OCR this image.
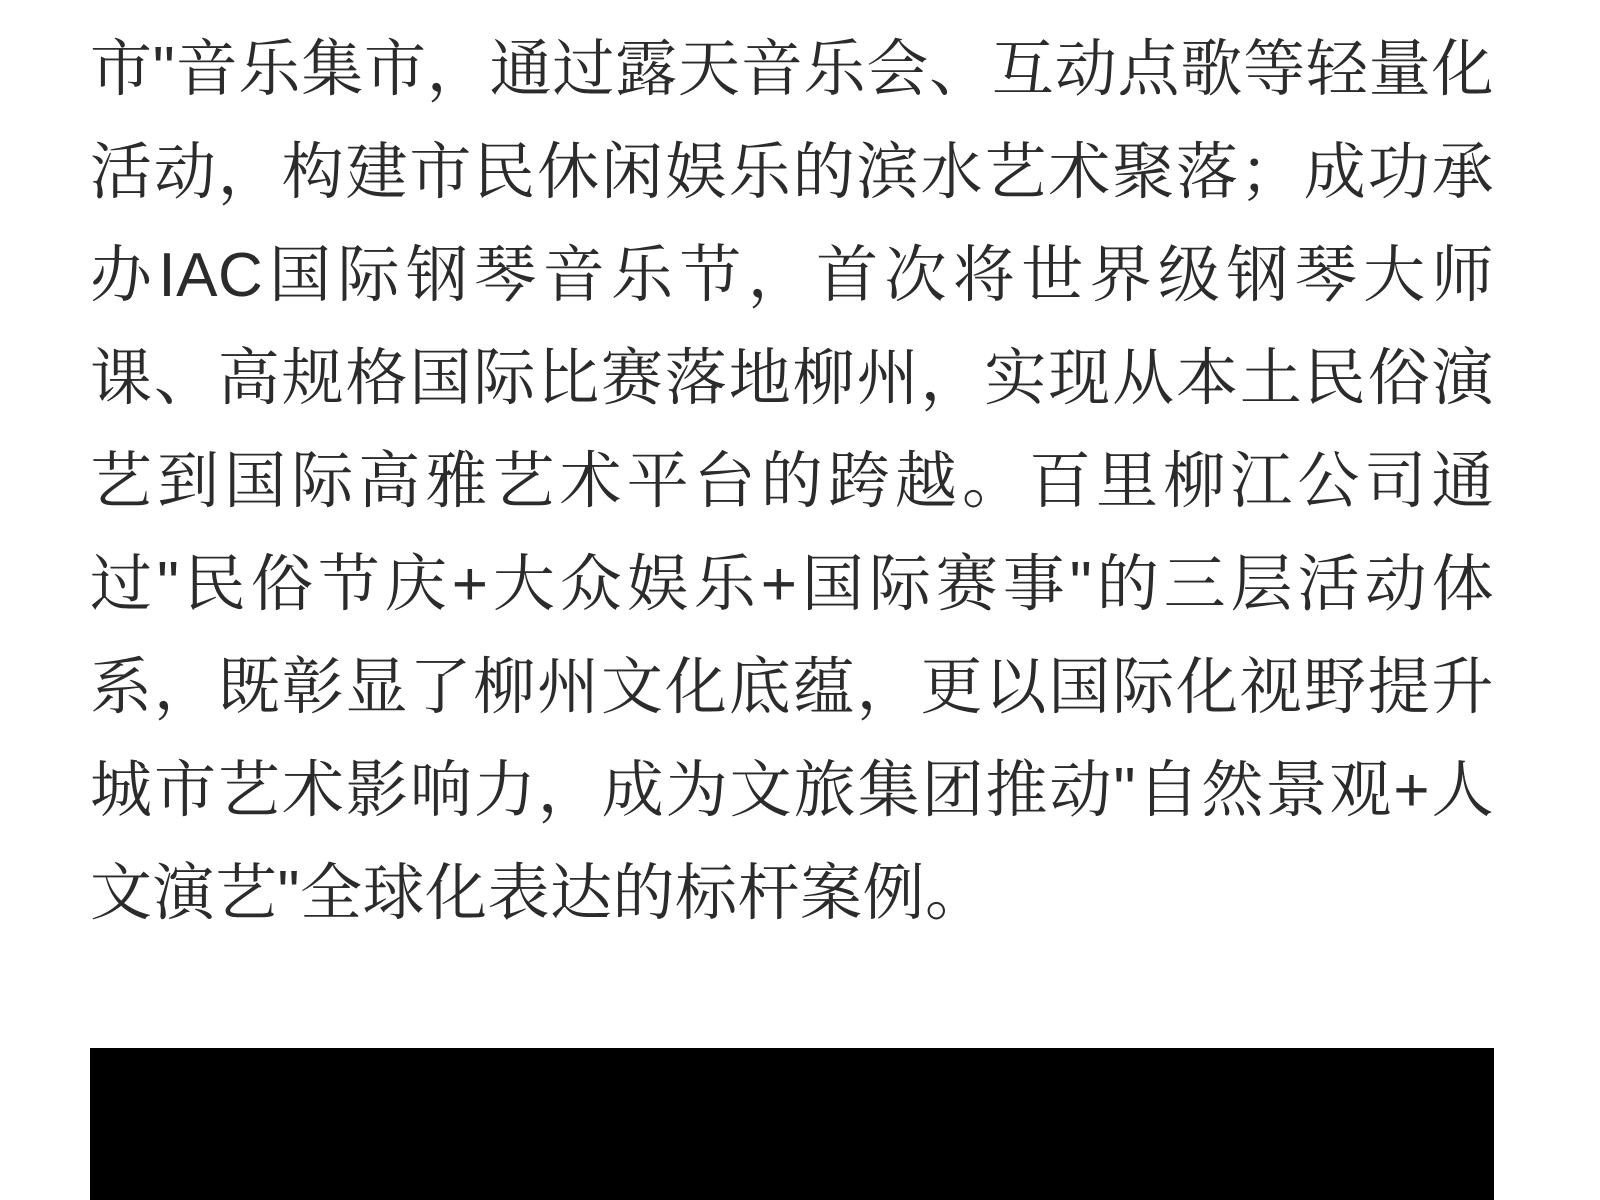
市"音乐集市，通过露天音乐会、互动点歌等轻量化活动，构建市民休闲娱乐的滨水艺术聚落；成功承办IAC国际钢琴音乐节，首次将世界级钢琴大师课、高规格国际比赛落地柳州，实现从本土民俗演艺到国际高雅艺术平台的跨越。百里柳江公司通过"民俗节庆+大众娱乐+国际赛事"的三层活动体系，既彰显了柳州文化底蕴，更以国际化视野提升城市艺术影响力，成为文旅集团推动"自然景观+人文演艺"全球化表达的标杆案例。
